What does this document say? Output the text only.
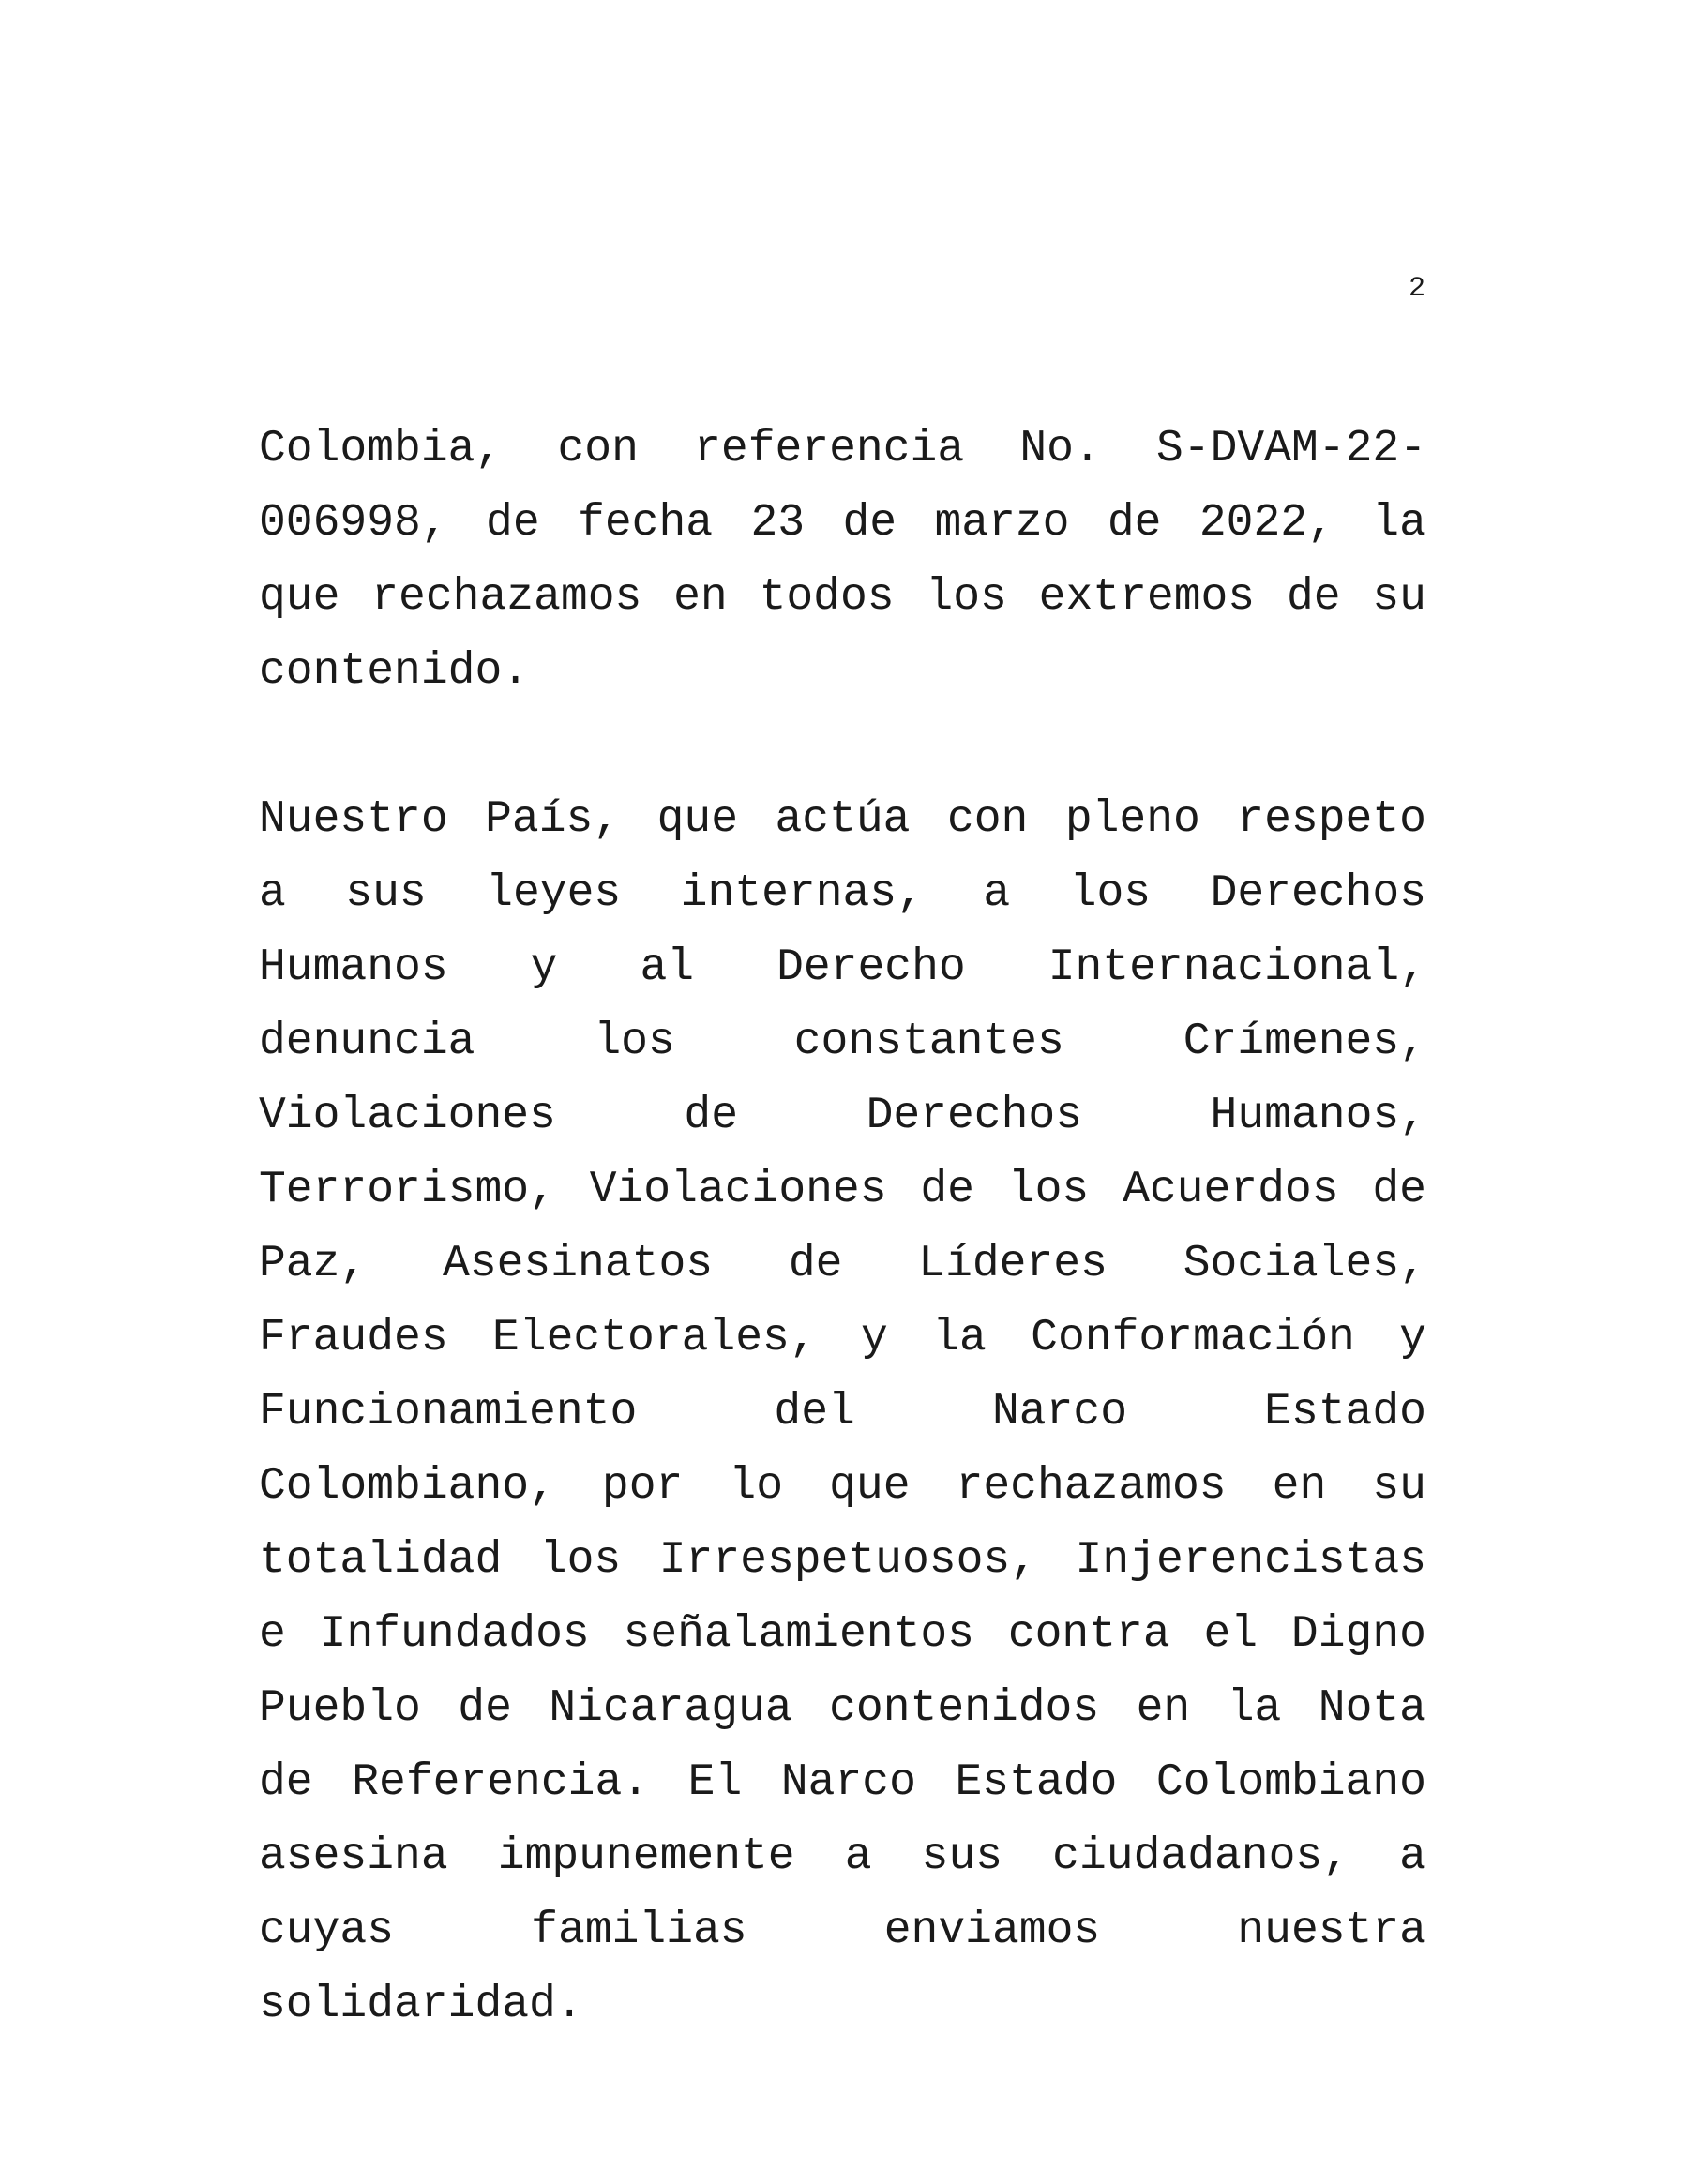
2
Colombia, con referencia No. S-DVAM-22-
006998, de fecha 23 de marzo de 2022, la
que rechazamos en todos los extremos de su
contenido.
Nuestro País, que actúa con pleno respeto
a sus leyes internas, a los Derechos
Humanos y al Derecho Internacional,
denuncia	los	constantes	Crímenes,
Violaciones	de	Derechos	Humanos,
Terrorismo, Violaciones de los Acuerdos de
Paz, Asesinatos de Líderes Sociales,
Fraudes Electorales, y la Conformación y
Funcionamiento	del	Narco	Estado
Colombiano, por lo que rechazamos en su
totalidad los Irrespetuosos, Injerencistas
e Infundados señalamientos contra el Digno
Pueblo de Nicaragua contenidos en la Nota
de Referencia. El Narco Estado Colombiano
asesina impunemente a sus ciudadanos, a
cuyas	familias	enviamos	nuestra
solidaridad.
